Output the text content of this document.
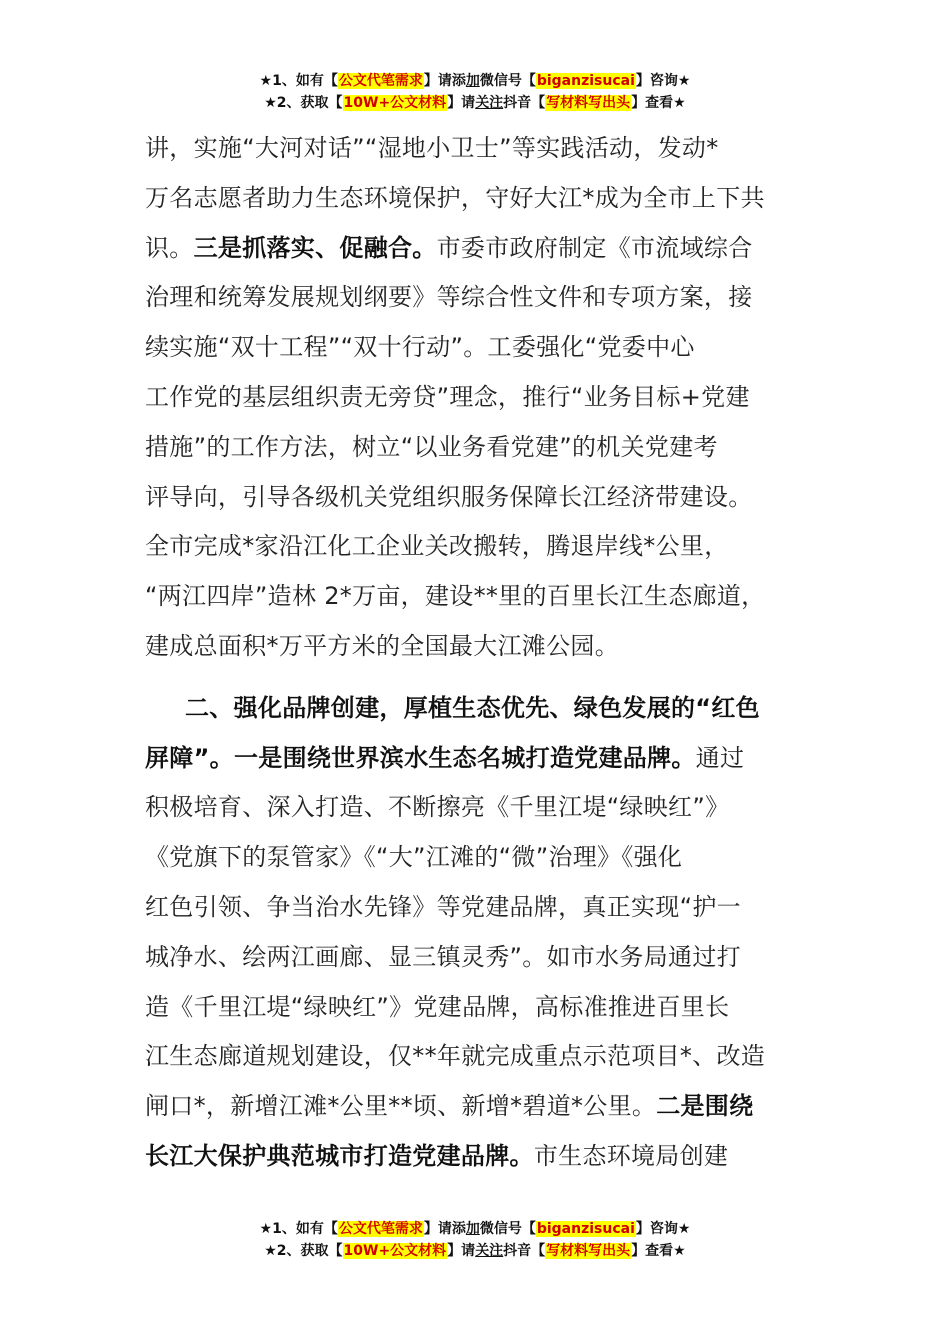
★1、如有【公文代笔需求】请添加微信号【biganzisucai】咨询★
★2、获取【10W+公文材料】请关注抖音【写材料写出头】查看★

讲，实施“大河对话”“湿地小卫士”等实践活动，发动*
万名志愿者助力生态环境保护，守好大江*成为全市上下共
识。三是抓落实、促融合。市委市政府制定《市流域综合
治理和统筹发展规划纲要》等综合性文件和专项方案，接
续实施“双十工程”“双十行动”。工委强化“党委中心
工作党的基层组织责无旁贷”理念，推行“业务目标+党建
措施”的工作方法，树立“以业务看党建”的机关党建考
评导向，引导各级机关党组织服务保障长江经济带建设。
全市完成*家沿江化工企业关改搬转，腾退岸线*公里，
“两江四岸”造林 2*万亩，建设**里的百里长江生态廊道，
建成总面积*万平方米的全国最大江滩公园。

二、强化品牌创建，厚植生态优先、绿色发展的“红色
屏障”。一是围绕世界滨水生态名城打造党建品牌。通过
积极培育、深入打造、不断擦亮《千里江堤“绿映红”》
《党旗下的泵管家》《“大”江滩的“微”治理》《强化
红色引领、争当治水先锋》等党建品牌，真正实现“护一
城净水、绘两江画廊、显三镇灵秀”。如市水务局通过打
造《千里江堤“绿映红”》党建品牌，高标准推进百里长
江生态廊道规划建设，仅**年就完成重点示范项目*、改造
闸口*，新增江滩*公里**顷、新增*碧道*公里。二是围绕
长江大保护典范城市打造党建品牌。市生态环境局创建

★1、如有【公文代笔需求】请添加微信号【biganzisucai】咨询★
★2、获取【10W+公文材料】请关注抖音【写材料写出头】查看★
